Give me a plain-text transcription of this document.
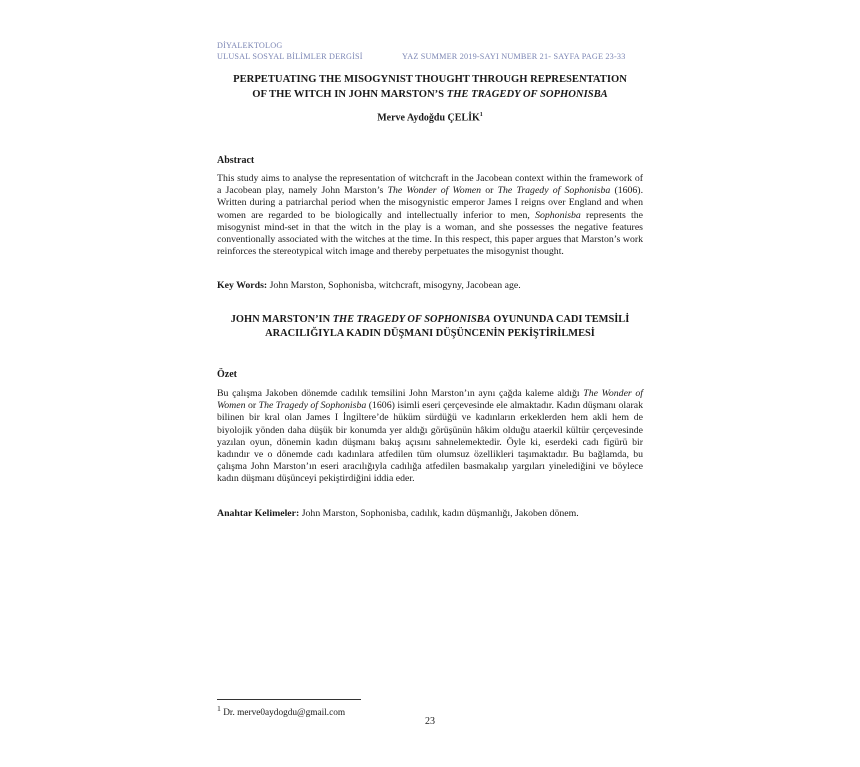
DİYALEKTOLOG
ULUSAL SOSYAL BİLİMLER DERGİSİ	YAZ SUMMER 2019-SAYI NUMBER 21- SAYFA PAGE 23-33
PERPETUATING THE MISOGYNIST THOUGHT THROUGH REPRESENTATION
OF THE WITCH IN JOHN MARSTON’S THE TRAGEDY OF SOPHONISBA
Merve Aydoğdu ÇELİK$^1$
Abstract
This study aims to analyse the representation of witchcraft in the Jacobean context within the framework of a Jacobean play, namely John Marston’s The Wonder of Women or The Tragedy of Sophonisba (1606). Written during a patriarchal period when the misogynistic emperor James I reigns over England and when women are regarded to be biologically and intellectually inferior to men, Sophonisba represents the misogynist mind-set in that the witch in the play is a woman, and she possesses the negative features conventionally associated with the witches at the time. In this respect, this paper argues that Marston’s work reinforces the stereotypical witch image and thereby perpetuates the misogynist thought.
Key Words: John Marston, Sophonisba, witchcraft, misogyny, Jacobean age.
JOHN MARSTON’IN THE TRAGEDY OF SOPHONISBA OYUNUNDA CADI TEMSİLİ
ARACILIĞIYLA KADIN DÜŞMANI DÜŞÜNCENİN PEKİŞTİRİLMESİ
Özet
Bu çalışma Jakoben dönemde cadılık temsilini John Marston’ın aynı çağda kaleme aldığı The Wonder of Women or The Tragedy of Sophonisba (1606) isimli eseri çerçevesinde ele almaktadır. Kadın düşmanı olarak bilinen bir kral olan James I İngiltere’de hüküm sürdüğü ve kadınların erkeklerden hem akli hem de biyolojik yönden daha düşük bir konumda yer aldığı görüşünün hâkim olduğu ataerkil kültür çerçevesinde yazılan oyun, dönemin kadın düşmanı bakış açısını sahnelemektedir. Öyle ki, eserdeki cadı figürü bir kadındır ve o dönemde cadı kadınlara atfedilen tüm olumsuz özellikleri taşımaktadır. Bu bağlamda, bu çalışma John Marston’ın eseri aracılığıyla cadılığa atfedilen basmakalıp yargıları yinelediğini ve böylece kadın düşmanı düşünceyi pekiştirdiğini iddia eder.
Anahtar Kelimeler: John Marston, Sophonisba, cadılık, kadın düşmanlığı, Jakoben dönem.
$^1$ Dr. merve0aydogdu@gmail.com
23
